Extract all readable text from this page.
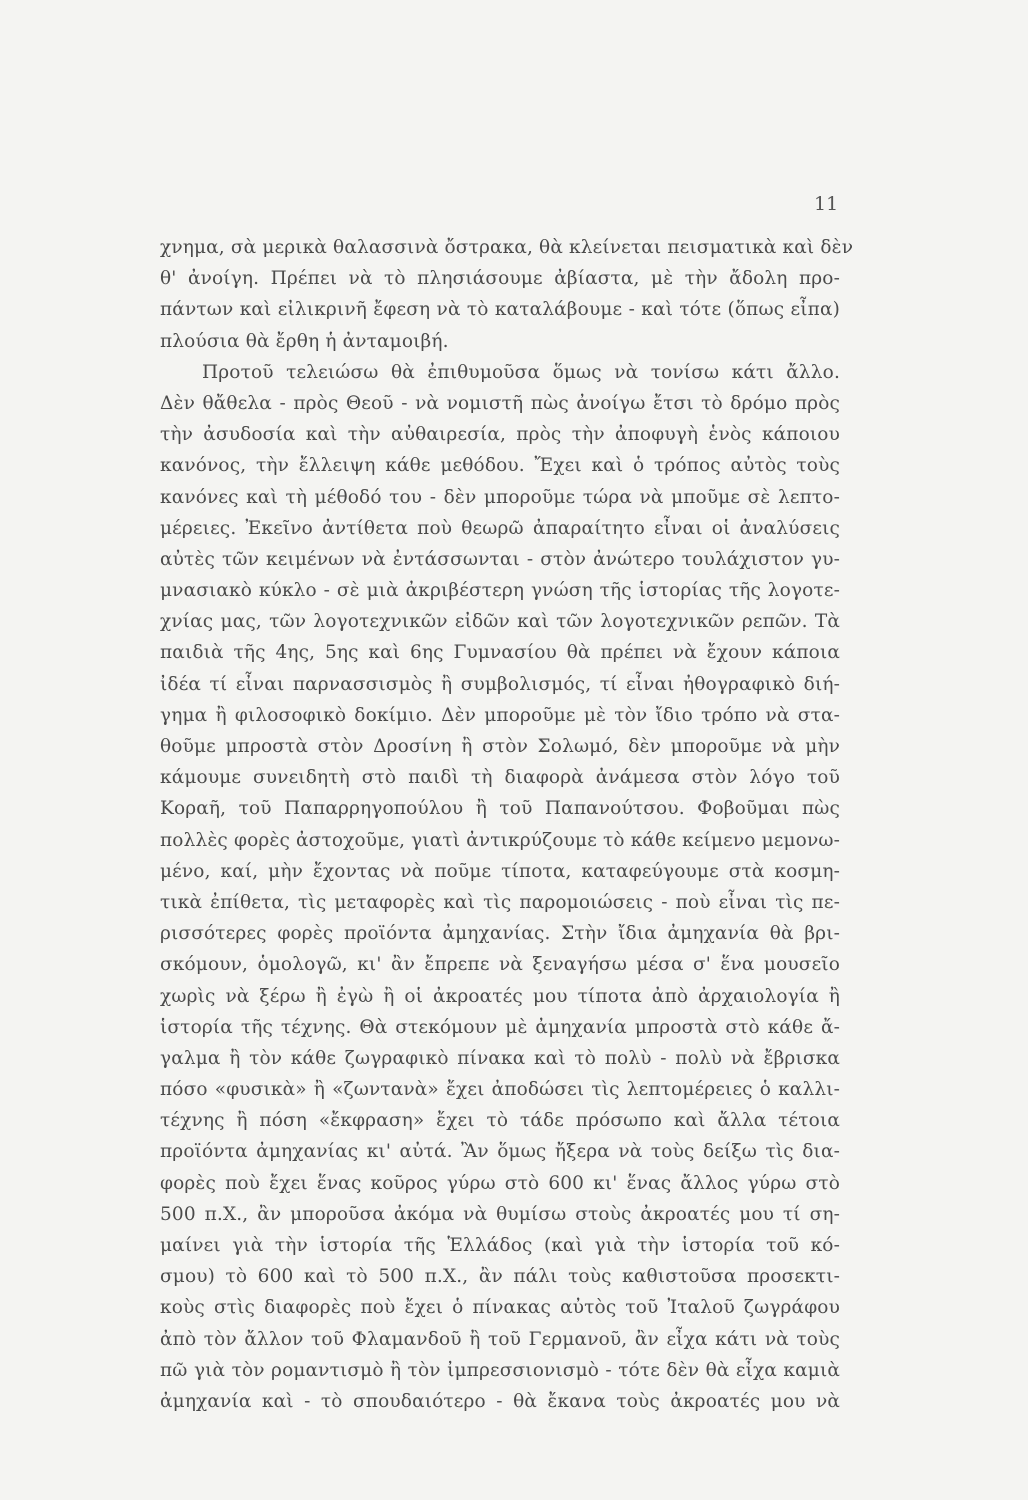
11
χνημα, σὰ μερικὰ θαλασσινὰ ὄστρακα, θὰ κλείνεται πεισματικὰ καὶ δὲν
θ' ἀνοίγη. Πρέπει νὰ τὸ πλησιάσουμε ἀβίαστα, μὲ τὴν ἄδολη προ-
πάντων καὶ εἰλικρινῆ ἔφεση νὰ τὸ καταλάβουμε - καὶ τότε (ὅπως εἶπα)
πλούσια θὰ ἔρθη ἡ ἀνταμοιβή.
Προτοῦ τελειώσω θὰ ἐπιθυμοῦσα ὅμως νὰ τονίσω κάτι ἄλλο.
Δὲν θἄθελα - πρὸς Θεοῦ - νὰ νομιστῆ πὼς ἀνοίγω ἔτσι τὸ δρόμο πρὸς
τὴν ἀσυδοσία καὶ τὴν αὐθαιρεσία, πρὸς τὴν ἀποφυγὴ ἑνὸς κάποιου
κανόνος, τὴν ἔλλειψη κάθε μεθόδου. Ἔχει καὶ ὁ τρόπος αὐτὸς τοὺς
κανόνες καὶ τὴ μέθοδό του - δὲν μποροῦμε τώρα νὰ μποῦμε σὲ λεπτο-
μέρειες. Ἐκεῖνο ἀντίθετα ποὺ θεωρῶ ἀπαραίτητο εἶναι οἱ ἀναλύσεις
αὐτὲς τῶν κειμένων νὰ ἐντάσσωνται - στὸν ἀνώτερο τουλάχιστον γυ-
μνασιακὸ κύκλο - σὲ μιὰ ἀκριβέστερη γνώση τῆς ἱστορίας τῆς λογοτε-
χνίας μας, τῶν λογοτεχνικῶν εἰδῶν καὶ τῶν λογοτεχνικῶν ρεπῶν. Τὰ
παιδιὰ τῆς 4ης, 5ης καὶ 6ης Γυμνασίου θὰ πρέπει νὰ ἔχουν κάποια
ἰδέα τί εἶναι παρνασσισμὸς ἢ συμβολισμός, τί εἶναι ἠθογραφικὸ διή-
γημα ἢ φιλοσοφικὸ δοκίμιο. Δὲν μποροῦμε μὲ τὸν ἴδιο τρόπο νὰ στα-
θοῦμε μπροστὰ στὸν Δροσίνη ἢ στὸν Σολωμό, δὲν μποροῦμε νὰ μὴν
κάμουμε συνειδητὴ στὸ παιδὶ τὴ διαφορὰ ἀνάμεσα στὸν λόγο τοῦ
Κοραῆ, τοῦ Παπαρρηγοπούλου ἢ τοῦ Παπανούτσου. Φοβοῦμαι πὼς
πολλὲς φορὲς ἀστοχοῦμε, γιατὶ ἀντικρύζουμε τὸ κάθε κείμενο μεμονω-
μένο, καί, μὴν ἔχοντας νὰ ποῦμε τίποτα, καταφεύγουμε στὰ κοσμη-
τικὰ ἐπίθετα, τὶς μεταφορὲς καὶ τὶς παρομοιώσεις - ποὺ εἶναι τὶς πε-
ρισσότερες φορὲς προϊόντα ἀμηχανίας. Στὴν ἴδια ἀμηχανία θὰ βρι-
σκόμουν, ὁμολογῶ, κι' ἂν ἔπρεπε νὰ ξεναγήσω μέσα σ' ἕνα μουσεῖο
χωρὶς νὰ ξέρω ἢ ἐγὼ ἢ οἱ ἀκροατές μου τίποτα ἀπὸ ἀρχαιολογία ἢ
ἱστορία τῆς τέχνης. Θὰ στεκόμουν μὲ ἀμηχανία μπροστὰ στὸ κάθε ἄ-
γαλμα ἢ τὸν κάθε ζωγραφικὸ πίνακα καὶ τὸ πολὺ - πολὺ νὰ ἔβρισκα
πόσο «φυσικὰ» ἢ «ζωντανὰ» ἔχει ἀποδώσει τὶς λεπτομέρειες ὁ καλλι-
τέχνης ἢ πόση «ἔκφραση» ἔχει τὸ τάδε πρόσωπο καὶ ἄλλα τέτοια
προϊόντα ἀμηχανίας κι' αὐτά. Ἂν ὅμως ἤξερα νὰ τοὺς δείξω τὶς δια-
φορὲς ποὺ ἔχει ἕνας κοῦρος γύρω στὸ 600 κι' ἕνας ἄλλος γύρω στὸ
500 π.Χ., ἂν μποροῦσα ἀκόμα νὰ θυμίσω στοὺς ἀκροατές μου τί ση-
μαίνει γιὰ τὴν ἱστορία τῆς Ἑλλάδος (καὶ γιὰ τὴν ἱστορία τοῦ κό-
σμου) τὸ 600 καὶ τὸ 500 π.Χ., ἂν πάλι τοὺς καθιστοῦσα προσεκτι-
κοὺς στὶς διαφορὲς ποὺ ἔχει ὁ πίνακας αὐτὸς τοῦ Ἰταλοῦ ζωγράφου
ἀπὸ τὸν ἄλλον τοῦ Φλαμανδοῦ ἢ τοῦ Γερμανοῦ, ἂν εἶχα κάτι νὰ τοὺς
πῶ γιὰ τὸν ρομαντισμὸ ἢ τὸν ἰμπρεσσιονισμὸ - τότε δὲν θὰ εἶχα καμιὰ
ἀμηχανία καὶ - τὸ σπουδαιότερο - θὰ ἔκανα τοὺς ἀκροατές μου νὰ
